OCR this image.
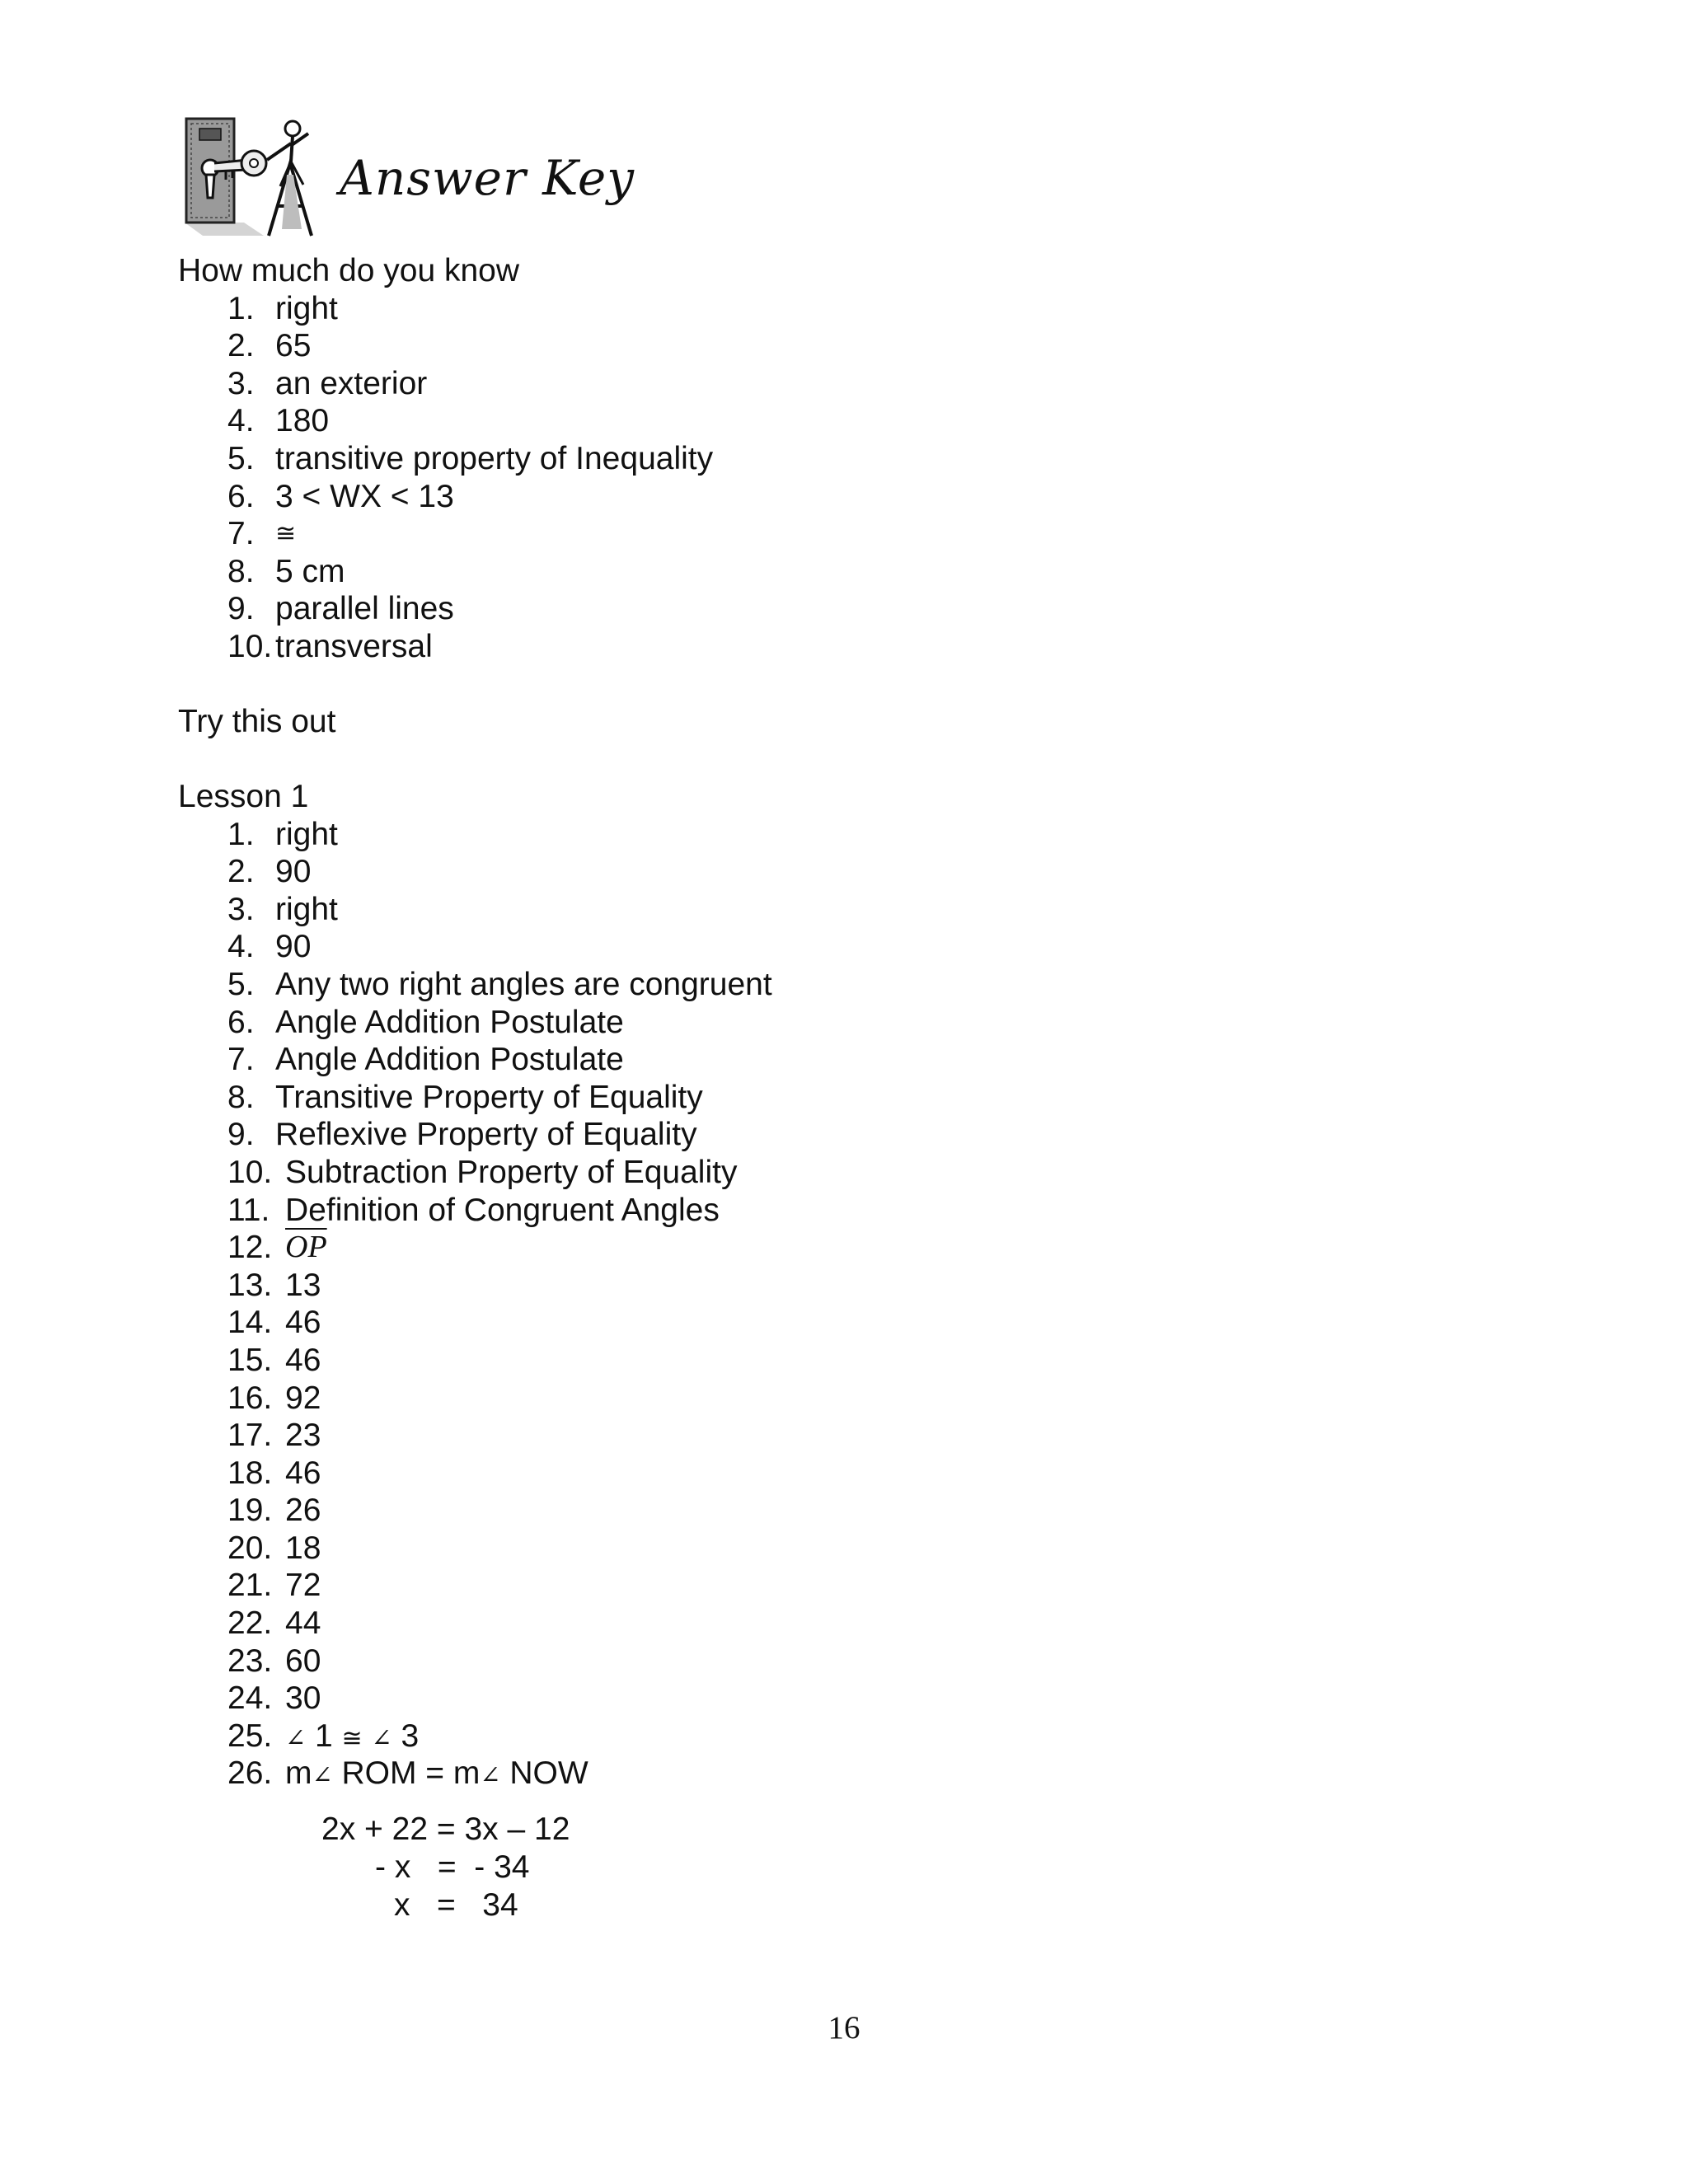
Answer Key
How much do you know
1. right
2. 65
3. an exterior
4. 180
5. transitive property of Inequality
6. 3 < WX < 13
7. ≅
8. 5 cm
9. parallel lines
10. transversal
Try this out
Lesson 1
1. right
2. 90
3. right
4. 90
5. Any two right angles are congruent
6. Angle Addition Postulate
7. Angle Addition Postulate
8. Transitive Property of Equality
9. Reflexive Property of Equality
10. Subtraction Property of Equality
11. Definition of Congruent Angles
12. $\overline{OP}$
13. 13
14. 46
15. 46
16. 92
17. 23
18. 46
19. 26
20. 18
21. 72
22. 44
23. 60
24. 30
25. ∠ 1 ≅ ∠ 3
26. m∠ ROM = m∠ NOW
2x + 22 = 3x – 12
- x   =  - 34
x   =   34
16
